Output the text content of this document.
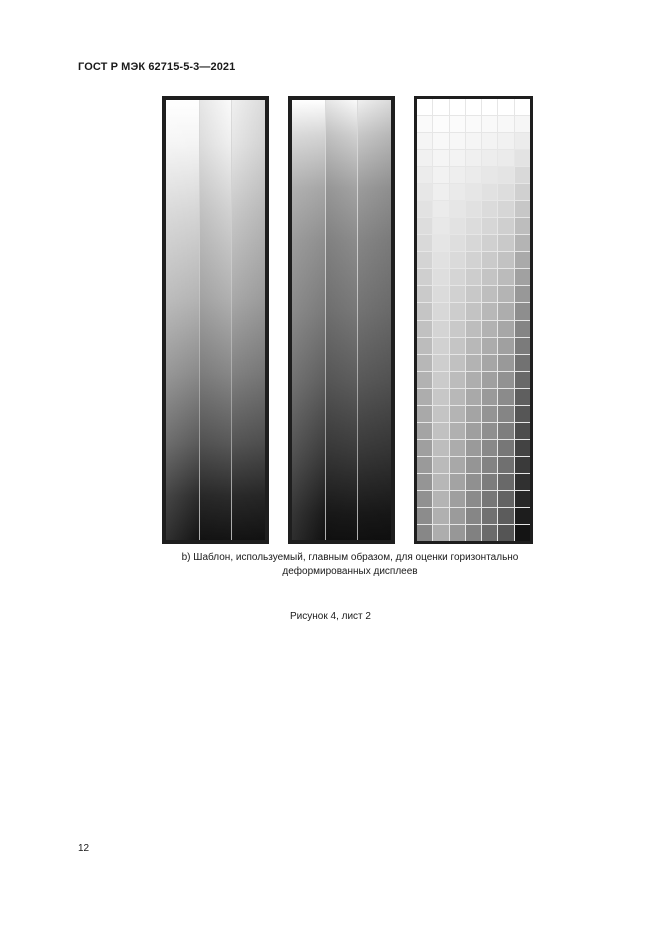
ГОСТ Р МЭК 62715-5-3—2021
b) Шаблон, используемый, главным образом, для оценки горизонтально деформированных дисплеев
Рисунок 4, лист 2
12
